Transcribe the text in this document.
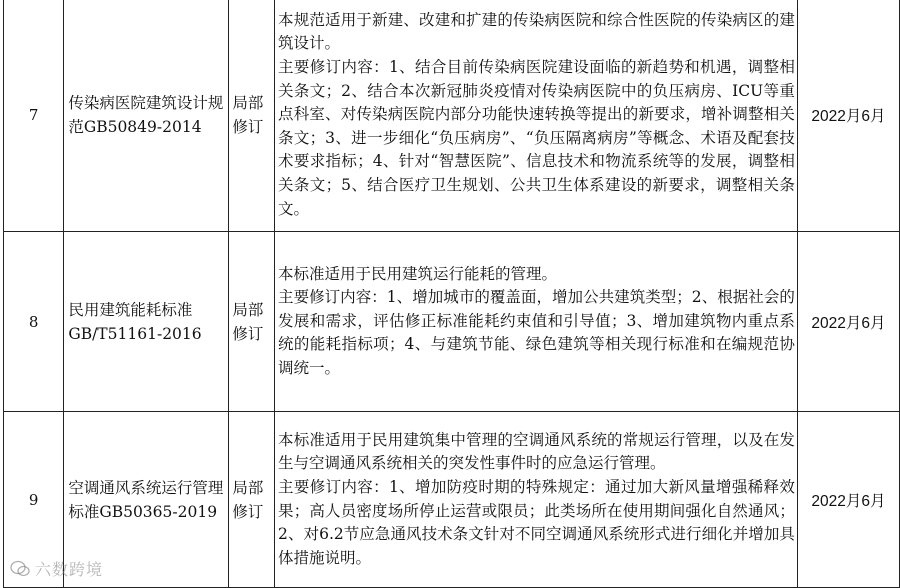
7	传染病医院建筑设计规范GB50849-2014	局部修订	本规范适用于新建、改建和扩建的传染病医院和综合性医院的传染病区的建筑设计。

主要修订内容：1、结合目前传染病医院建设面临的新趋势和机遇，调整相关条文；2、结合本次新冠肺炎疫情对传染病医院中的负压病房、ICU等重点科室、对传染病医院内部分功能快速转换等提出的新要求，增补调整相关条文；3、进一步细化“负压病房”、“负压隔离病房”等概念、术语及配套技术要求指标；4、针对“智慧医院”、信息技术和物流系统等的发展，调整相关条文；5、结合医疗卫生规划、公共卫生体系建设的新要求，调整相关条文。	2022月6月
8	民用建筑能耗标准GB/T51161-2016	局部修订	本标准适用于民用建筑运行能耗的管理。

主要修订内容：1、增加城市的覆盖面，增加公共建筑类型；2、根据社会的发展和需求，评估修正标准能耗约束值和引导值；3、增加建筑物内重点系统的能耗指标项；4、与建筑节能、绿色建筑等相关现行标准和在编规范协调统一。	2022月6月
9	空调通风系统运行管理标准GB50365-2019	局部修订	本标准适用于民用建筑集中管理的空调通风系统的常规运行管理，以及在发生与空调通风系统相关的突发性事件时的应急运行管理。

主要修订内容：1、增加防疫时期的特殊规定：通过加大新风量增强稀释效果；高人员密度场所停止运营或限员；此类场所在使用期间强化自然通风；2、对6.2节应急通风技术条文针对不同空调通风系统形式进行细化并增加具体措施说明。	2022月6月
六数跨境
